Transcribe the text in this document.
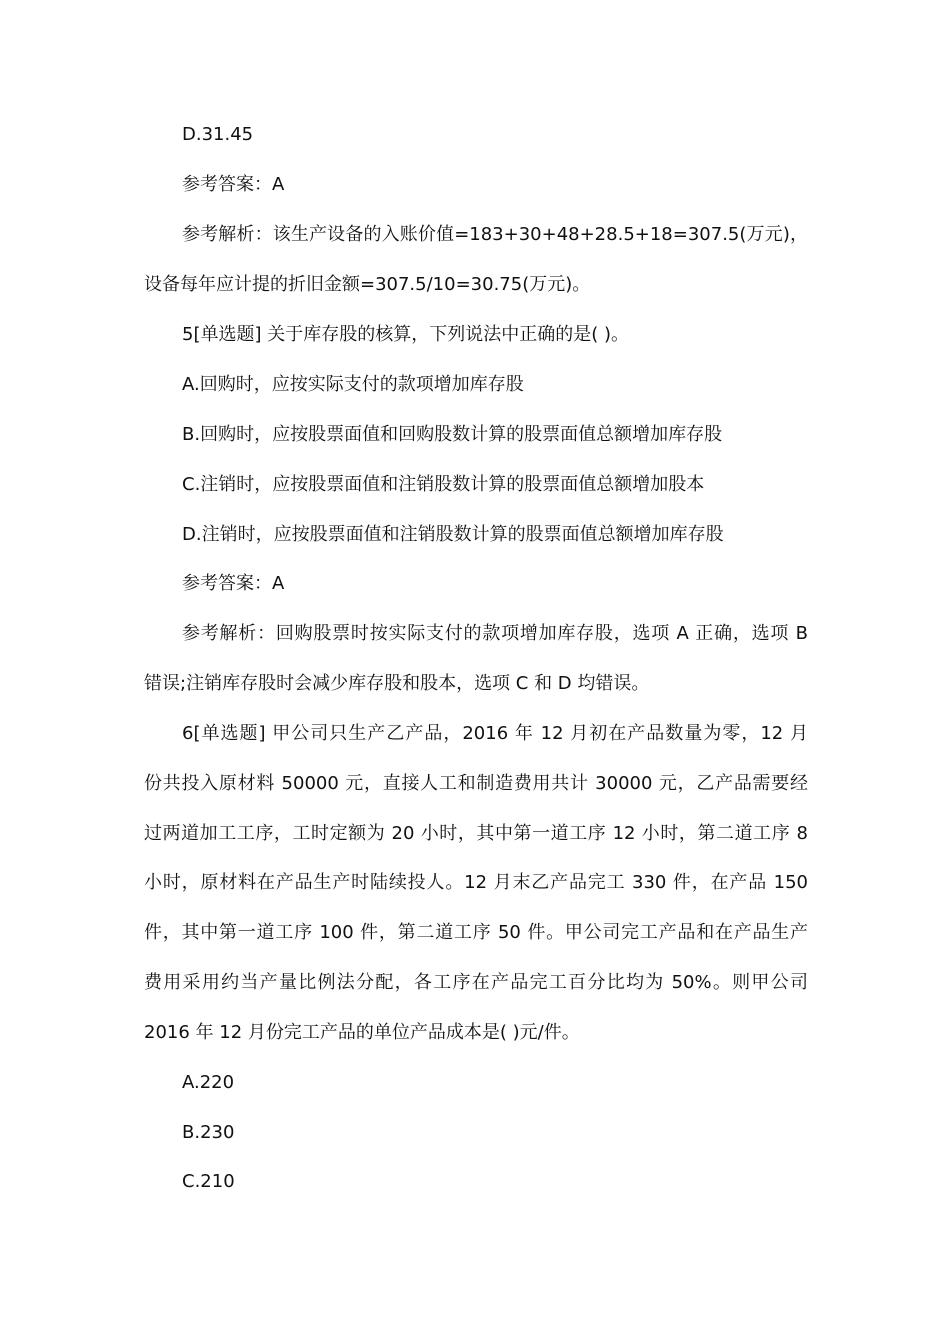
D.31.45

参考答案：A

参考解析：该生产设备的入账价值=183+30+48+28.5+18=307.5(万元)，

设备每年应计提的折旧金额=307.5/10=30.75(万元)。

5[单选题] 关于库存股的核算，下列说法中正确的是( )。

A.回购时，应按实际支付的款项增加库存股

B.回购时，应按股票面值和回购股数计算的股票面值总额增加库存股

C.注销时，应按股票面值和注销股数计算的股票面值总额增加股本

D.注销时，应按股票面值和注销股数计算的股票面值总额增加库存股

参考答案：A

参考解析：回购股票时按实际支付的款项增加库存股，选项 A 正确，选项 B

错误;注销库存股时会减少库存股和股本，选项 C 和 D 均错误。

6[单选题] 甲公司只生产乙产品，2016 年 12 月初在产品数量为零，12 月

份共投入原材料 50000 元，直接人工和制造费用共计 30000 元，乙产品需要经

过两道加工工序，工时定额为 20 小时，其中第一道工序 12 小时，第二道工序 8

小时，原材料在产品生产时陆续投人。12 月末乙产品完工 330 件，在产品 150

件，其中第一道工序 100 件，第二道工序 50 件。甲公司完工产品和在产品生产

费用采用约当产量比例法分配，各工序在产品完工百分比均为 50%。则甲公司

2016 年 12 月份完工产品的单位产品成本是( )元/件。

A.220

B.230

C.210
